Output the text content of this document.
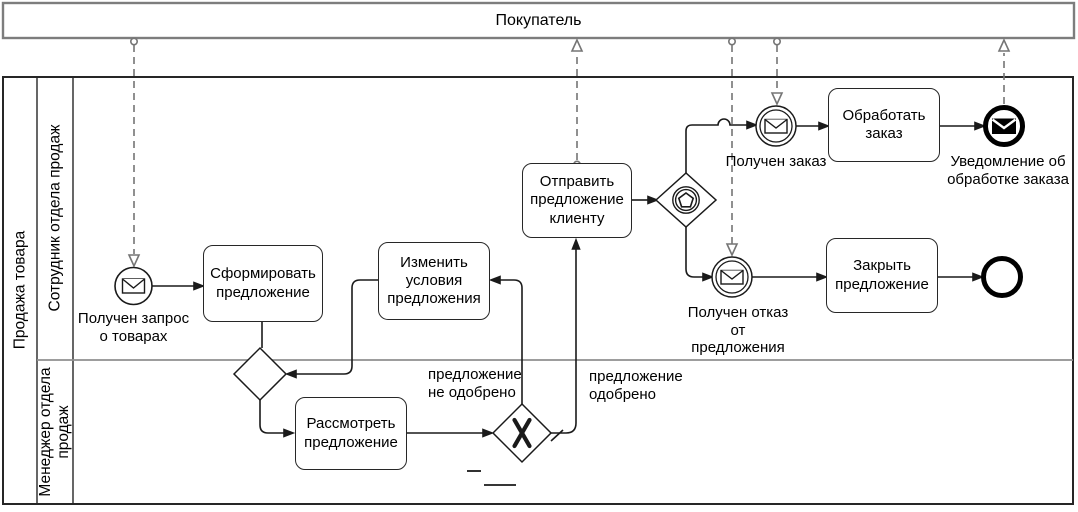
Покупатель
Продажа товара Сотрудник отдела продаж
Менеджер отдела продаж
Сформировать предложение
Изменить условия предложения
Рассмотреть предложение
Отправить предложение клиенту
Обработать заказ
Закрыть предложение
Получен запрос о товарах
Получен заказ	Уведомление об обработке заказа
Получен отказ от предложения
предложение не одобрено
предложение одобрено
